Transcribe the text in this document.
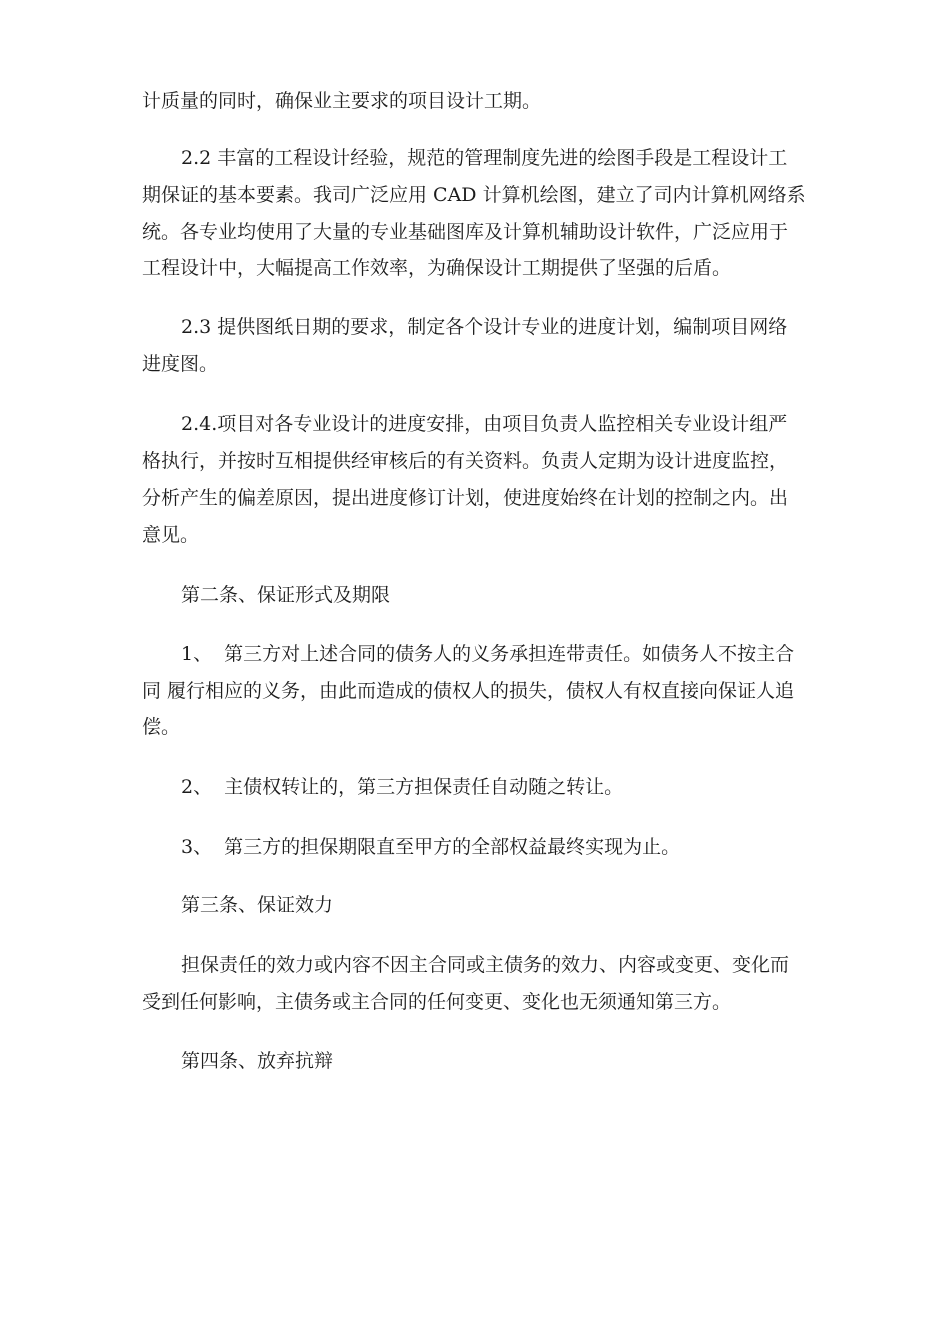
计质量的同时，确保业主要求的项目设计工期。
2.2 丰富的工程设计经验，规范的管理制度先进的绘图手段是工程设计工
期保证的基本要素。我司广泛应用 CAD 计算机绘图，建立了司内计算机网络系
统。各专业均使用了大量的专业基础图库及计算机辅助设计软件，广泛应用于
工程设计中，大幅提高工作效率，为确保设计工期提供了坚强的后盾。
2.3 提供图纸日期的要求，制定各个设计专业的进度计划，编制项目网络
进度图。
2.4.项目对各专业设计的进度安排，由项目负责人监控相关专业设计组严
格执行，并按时互相提供经审核后的有关资料。负责人定期为设计进度监控，
分析产生的偏差原因，提出进度修订计划，使进度始终在计划的控制之内。出
意见。
第二条、保证形式及期限
1、  第三方对上述合同的债务人的义务承担连带责任。如债务人不按主合
同 履行相应的义务，由此而造成的债权人的损失，债权人有权直接向保证人追
偿。
2、  主债权转让的，第三方担保责任自动随之转让。
3、  第三方的担保期限直至甲方的全部权益最终实现为止。
第三条、保证效力
担保责任的效力或内容不因主合同或主债务的效力、内容或变更、变化而
受到任何影响，主债务或主合同的任何变更、变化也无须通知第三方。
第四条、放弃抗辩
